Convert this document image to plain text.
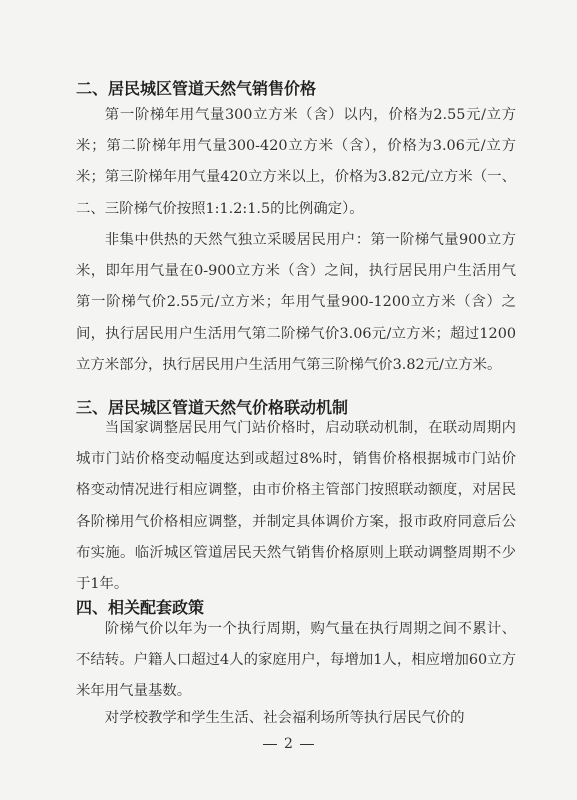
二、居民城区管道天然气销售价格

第一阶梯年用气量300立方米（含）以内，价格为2.55元/立方米；第二阶梯年用气量300-420立方米（含），价格为3.06元/立方米；第三阶梯年用气量420立方米以上，价格为3.82元/立方米（一、二、三阶梯气价按照1:1.2:1.5的比例确定）。

非集中供热的天然气独立采暖居民用户：第一阶梯气量900立方米，即年用气量在0-900立方米（含）之间，执行居民用户生活用气第一阶梯气价2.55元/立方米；年用气量900-1200立方米（含）之间，执行居民用户生活用气第二阶梯气价3.06元/立方米；超过1200立方米部分，执行居民用户生活用气第三阶梯气价3.82元/立方米。

三、居民城区管道天然气价格联动机制

当国家调整居民用气门站价格时，启动联动机制，在联动周期内城市门站价格变动幅度达到或超过8%时，销售价格根据城市门站价格变动情况进行相应调整，由市价格主管部门按照联动额度，对居民各阶梯用气价格相应调整，并制定具体调价方案，报市政府同意后公布实施。临沂城区管道居民天然气销售价格原则上联动调整周期不少于1年。

四、相关配套政策

阶梯气价以年为一个执行周期，购气量在执行周期之间不累计、不结转。户籍人口超过4人的家庭用户，每增加1人，相应增加60立方米年用气量基数。

对学校教学和学生生活、社会福利场所等执行居民气价的

2
